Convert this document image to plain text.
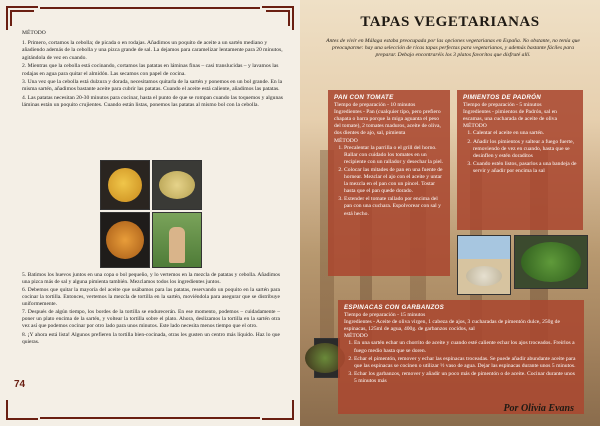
MÉTODO
1. Primero, cortamos la cebolla; de picada o en rodajas. Añadimos un poquito de aceite a un sartén mediano y añadiendo además de la cebolla y una pizca grande de sal. La dejamos para caramelizar lentamente para 20 minutos, agitándola de vez en cuando.
2. Mientras que la cebolla está cocinando, cortamos las patatas en láminas finas – casi translucidas – y lavamos las rodajas en agua para quitar el almidón. Las secamos con papel de cocina.
3. Una vez que la cebolla está dulzura y dorada, necesitamos quitarla de la sartén y ponemos en un bol grande. En la misma sartén, añadimos bastante aceite para cubrir las patatas. Cuando el aceite está caliente, añadimos las patatas.
4. Las patatas necesitan 20-30 minutos para cocinar, hasta el punto de que se rompan cuando las toquemos y algunas láminas están un poquito crujientes. Cuando están listas, ponemos las patatas al mismo bol con la cebolla.

5. Batimos los huevos juntos en una copa o bol pequeño, y lo vertemos en la mezcla de patatas y cebolla. Añadimos una pizca más de sal y alguna pimienta también. Mezclamos todos los ingredientes juntos.

6. Debemos que quitar la mayoría del aceite que usábamos para las patatas, reservando un poquito en la sartén para cocinar la tortilla. Entonces, vertemos la mezcla de tortilla en la sartén, moviéndola para asegurar que se distribuye uniformemente.

7. Después de algún tiempo, los bordes de la tortilla se endurecerán. En ese momento, podemos – cuidadamente – poner un plato encima de la sartén, y voltear la tortilla sobre el plato. Ahora, deslizamos la tortilla en la sartén otra vez así que podemos cocinar por otro lado para unos minutos. Este lado necesita menos tiempo que el otro.

8. ¡Y ahora está lista! Algunos prefieren la tortilla bien-cocinada, otras les gusten un centro más líquido. Haz lo que quieras.

74
TAPAS VEGETARIANAS
Antes de vivir en Málaga estaba preocupada por las opciones vegetarianas en España. No obstante, no tenía que preocuparme: hay una selección de ricas tapas perfectas para vegetarianos, y además bastante fáciles para preparar. Debajo encontraréis los 3 platos favoritos que disfruté allí.
PAN CON TOMATE

Tiempo de preparación - 10 minutos

Ingredientes - Pan (cualquier tipo, pero prefiero chapata o barra porque la miga aguanta el peso del tomate), 2 tomates maduros, aceite de oliva, dos dientes de ajo, sal, pimienta

MÉTODO

1. Precalentar la parrilla o el grill del horno. Rallar con cuidado los tomates en un recipiente con un rallador y desechar la piel.
2. Colocar las mitades de pan en una fuente de hornear. Mezclar el ajo con el aceite y untar la mezcla en el pan con un pincel. Tostar hasta que el pan quede dorado.
3. Extender el tomate rallado por encima del pan con una cuchara. Espolvorear con sal y está hecho.
PIMIENTOS DE PADRÓN

Tiempo de preparación - 5 minutos

Ingredientes - pimientos de Padrón, sal en escamas, una cucharada de aceite de oliva

MÉTODO

1. Calentar el aceite en una sartén.
2. Añadir los pimientos y saltear a fuego fuerte, removiendo de vez en cuando, hasta que se desinflen y estén doraditos
3. Cuando estén listos, pasarlos a una bandeja de servir y añadir por encima la sal
ESPINACAS CON GARBANZOS

Tiempo de preparación - 15 minutos

Ingredientes - Aceite de oliva virgen, 1 cabeza de ajos, 3 cucharadas de pimentón dulce, 250g de espinacas, 125ml de agua, 400g. de garbanzos cocidos, sal

MÉTODO

1. En una sartén echar un chorrito de aceite y cuando esté caliente echar los ajos troceados. Freírlos a fuego medio hasta que se doren.
2. Echar el pimentón, remover y echar las espinacas troceadas. Se puede añadir abundante aceite para que las espinacas se cocinen o utilizar ½ vaso de agua. Dejar las espinacas durante unos 5 minutos.
3. Echar los garbanzos, remover y añadir un poco más de pimentón o de aceite. Cocinar durante unos 5 minutos más
Por Olivia Evans
